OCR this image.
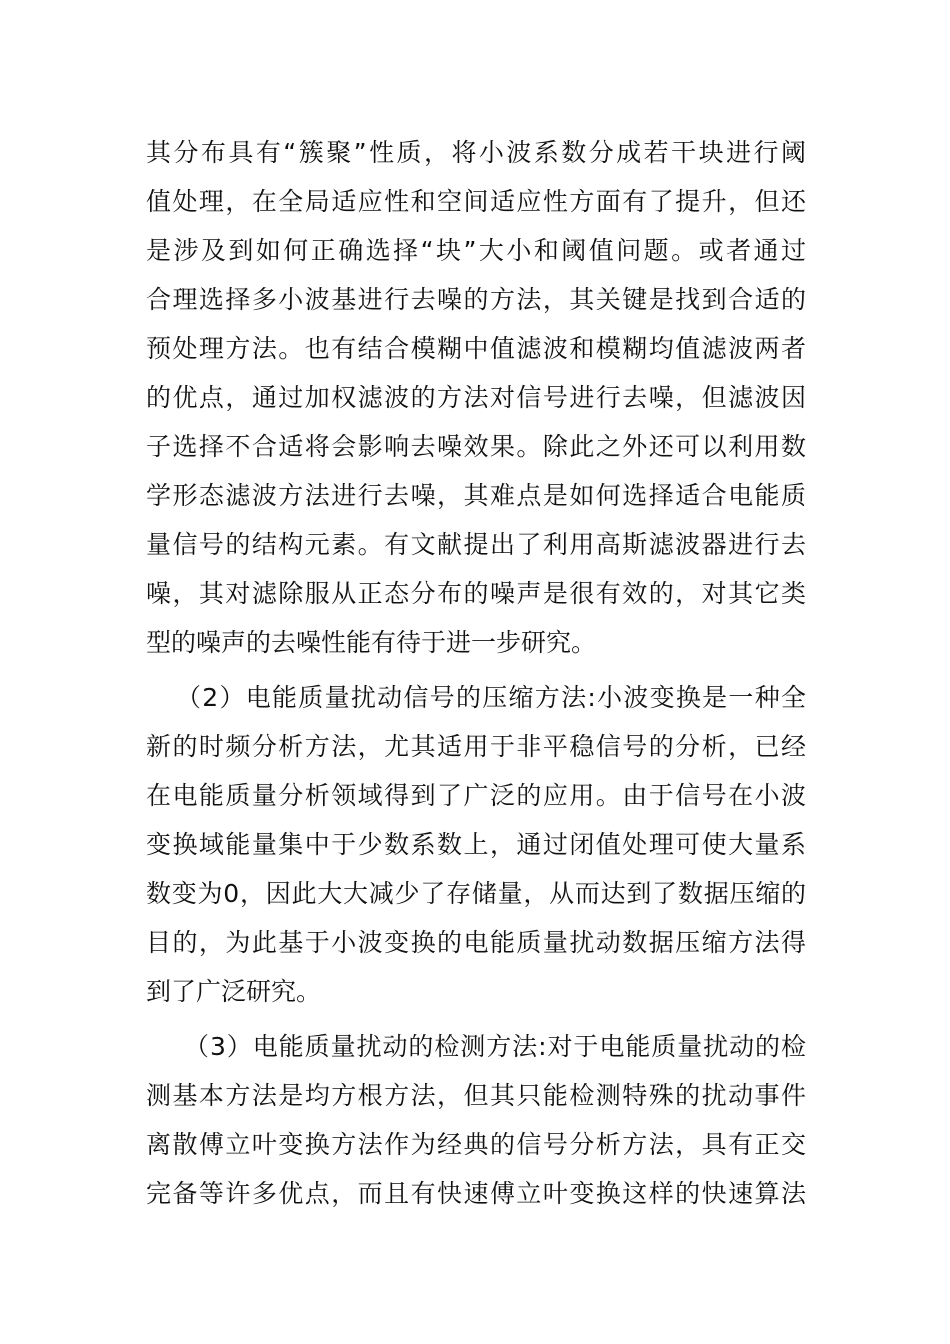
其分布具有“簇聚”性质，将小波系数分成若干块进行阈
值处理，在全局适应性和空间适应性方面有了提升，但还
是涉及到如何正确选择“块”大小和阈值问题。或者通过
合理选择多小波基进行去噪的方法，其关键是找到合适的
预处理方法。也有结合模糊中值滤波和模糊均值滤波两者
的优点，通过加权滤波的方法对信号进行去噪，但滤波因
子选择不合适将会影响去噪效果。除此之外还可以利用数
学形态滤波方法进行去噪，其难点是如何选择适合电能质
量信号的结构元素。有文献提出了利用高斯滤波器进行去
噪，其对滤除服从正态分布的噪声是很有效的，对其它类
型的噪声的去噪性能有待于进一步研究。
（2）电能质量扰动信号的压缩方法:小波变换是一种全
新的时频分析方法，尤其适用于非平稳信号的分析，已经
在电能质量分析领域得到了广泛的应用。由于信号在小波
变换域能量集中于少数系数上，通过闭值处理可使大量系
数变为0，因此大大减少了存储量，从而达到了数据压缩的
目的，为此基于小波变换的电能质量扰动数据压缩方法得
到了广泛研究。
（3）电能质量扰动的检测方法:对于电能质量扰动的检
测基本方法是均方根方法，但其只能检测特殊的扰动事件
离散傅立叶变换方法作为经典的信号分析方法，具有正交
完备等许多优点，而且有快速傅立叶变换这样的快速算法
